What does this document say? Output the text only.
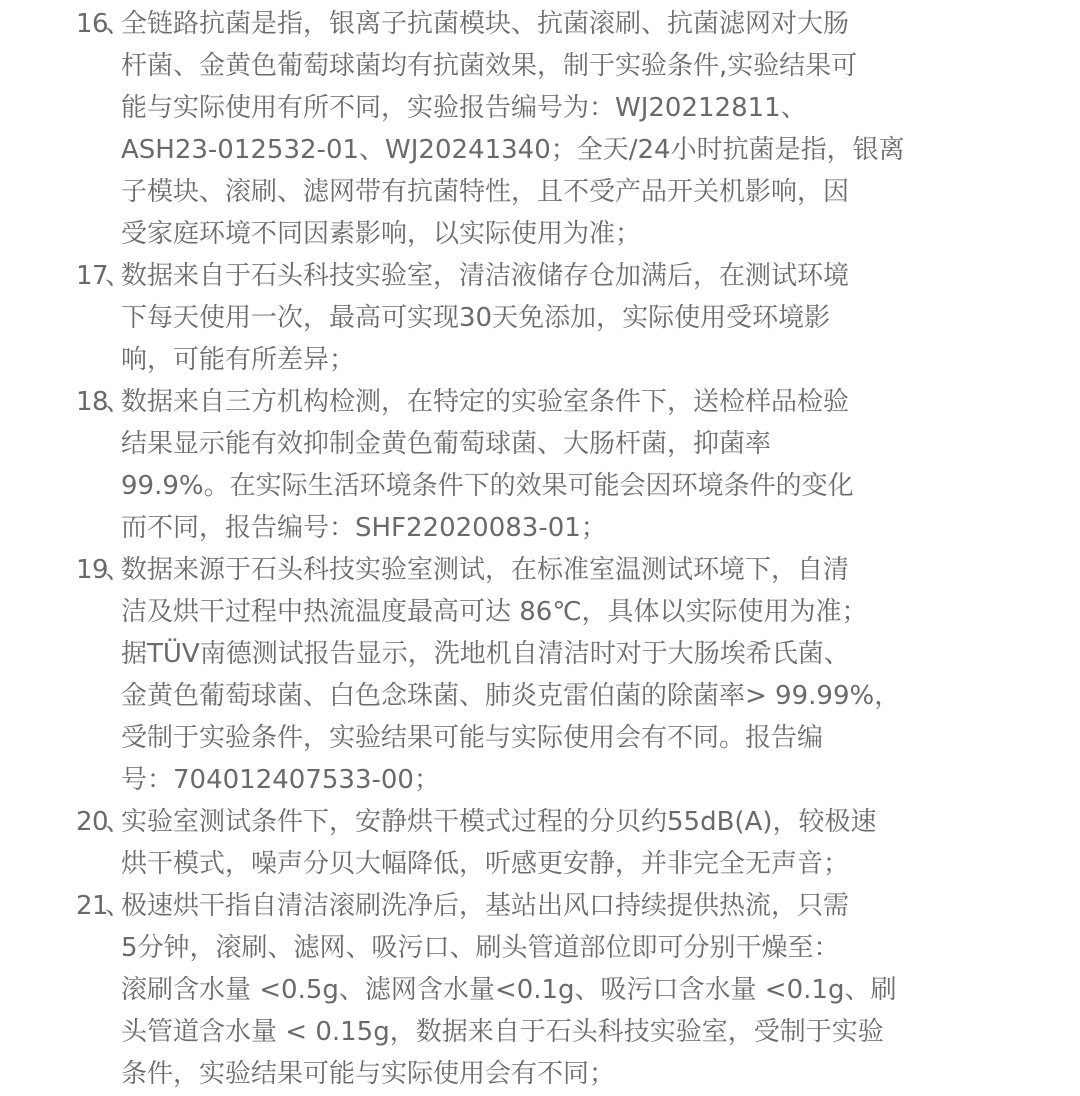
16 、 全链路抗菌是指，银离子抗菌模块、抗菌滚刷、抗菌滤网对大肠
杆菌、金黄色葡萄球菌均有抗菌效果，制于实验条件,实验结果可
能与实际使用有所不同，实验报告编号为：WJ20212811、
ASH23-012532-01、WJ20241340；全天/24小时抗菌是指，银离
子模块、滚刷、滤网带有抗菌特性，且不受产品开关机影响，因
受家庭环境不同因素影响，以实际使用为准；
17 、 数据来自于石头科技实验室，清洁液储存仓加满后，在测试环境
下每天使用一次，最高可实现30天免添加，实际使用受环境影
响，可能有所差异；
18 、 数据来自三方机构检测，在特定的实验室条件下，送检样品检验
结果显示能有效抑制金黄色葡萄球菌、大肠杆菌，抑菌率
99.9%。在实际生活环境条件下的效果可能会因环境条件的变化
而不同，报告编号：SHF22020083-01；
19 、 数据来源于石头科技实验室测试，在标准室温测试环境下，自清
洁及烘干过程中热流温度最高可达 86℃，具体以实际使用为准；
据TÜV南德测试报告显示，洗地机自清洁时对于大肠埃希氏菌、
金黄色葡萄球菌、白色念珠菌、肺炎克雷伯菌的除菌率> 99.99%，
受制于实验条件，实验结果可能与实际使用会有不同。报告编
号：704012407533-00；
20 、 实验室测试条件下，安静烘干模式过程的分贝约55dB(A)，较极速
烘干模式，噪声分贝大幅降低，听感更安静，并非完全无声音；
21 、 极速烘干指自清洁滚刷洗净后，基站出风口持续提供热流，只需
5分钟，滚刷、滤网、吸污口、刷头管道部位即可分别干燥至：
滚刷含水量 <0.5g、滤网含水量<0.1g、吸污口含水量 <0.1g、刷
头管道含水量 < 0.15g，数据来自于石头科技实验室，受制于实验
条件，实验结果可能与实际使用会有不同；
